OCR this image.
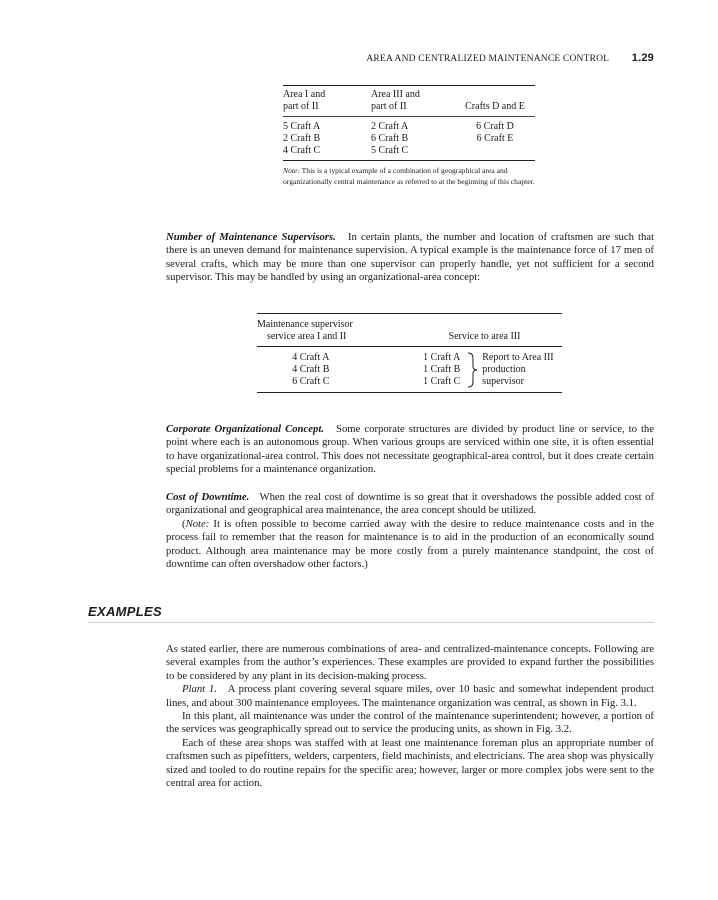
AREA AND CENTRALIZED MAINTENANCE CONTROL 1.29
Area I and
part of II
Area III and
part of II
	Crafts D and E
5 Craft A
2 Craft B
4 Craft C
2 Craft A
6 Craft B
5 Craft C
6 Craft D
6 Craft E
Note: This is a typical example of a combination of geographical area and organizationally central maintenance as referred to at the beginning of this chapter.

Number of Maintenance Supervisors. In certain plants, the number and location of craftsmen are such that there is an uneven demand for maintenance supervision. A typical example is the maintenance force of 17 men of several crafts, which may be more than one supervisor can properly handle, yet not sufficient for a second supervisor. This may be handled by using an organizational-area concept:

Maintenance supervisor
service area I and II	Service to area III
4 Craft A
4 Craft B
6 Craft C
1 Craft A
1 Craft B
1 Craft C
Report to Area III
production
supervisor

Corporate Organizational Concept. Some corporate structures are divided by product line or service, to the point where each is an autonomous group. When various groups are serviced within one site, it is often essential to have organizational-area control. This does not necessitate geographical-area control, but it does create certain special problems for a maintenance organization.

Cost of Downtime. When the real cost of downtime is so great that it overshadows the possible added cost of organizational and geographical area maintenance, the area concept should be utilized.

(Note: It is often possible to become carried away with the desire to reduce maintenance costs and in the process fail to remember that the reason for maintenance is to aid in the production of an economically sound product. Although area maintenance may be more costly from a purely maintenance standpoint, the cost of downtime can often overshadow other factors.)

EXAMPLES

As stated earlier, there are numerous combinations of area- and centralized-maintenance concepts. Following are several examples from the author’s experiences. These examples are provided to expand further the possibilities to be considered by any plant in its decision-making process.

Plant 1. A process plant covering several square miles, over 10 basic and somewhat independent product lines, and about 300 maintenance employees. The maintenance organization was central, as shown in Fig. 3.1.

In this plant, all maintenance was under the control of the maintenance superintendent; however, a portion of the services was geographically spread out to service the producing units, as shown in Fig. 3.2.

Each of these area shops was staffed with at least one maintenance foreman plus an appropriate number of craftsmen such as pipefitters, welders, carpenters, field machinists, and electricians. The area shop was physically sized and tooled to do routine repairs for the specific area; however, larger or more complex jobs were sent to the central area for action.
